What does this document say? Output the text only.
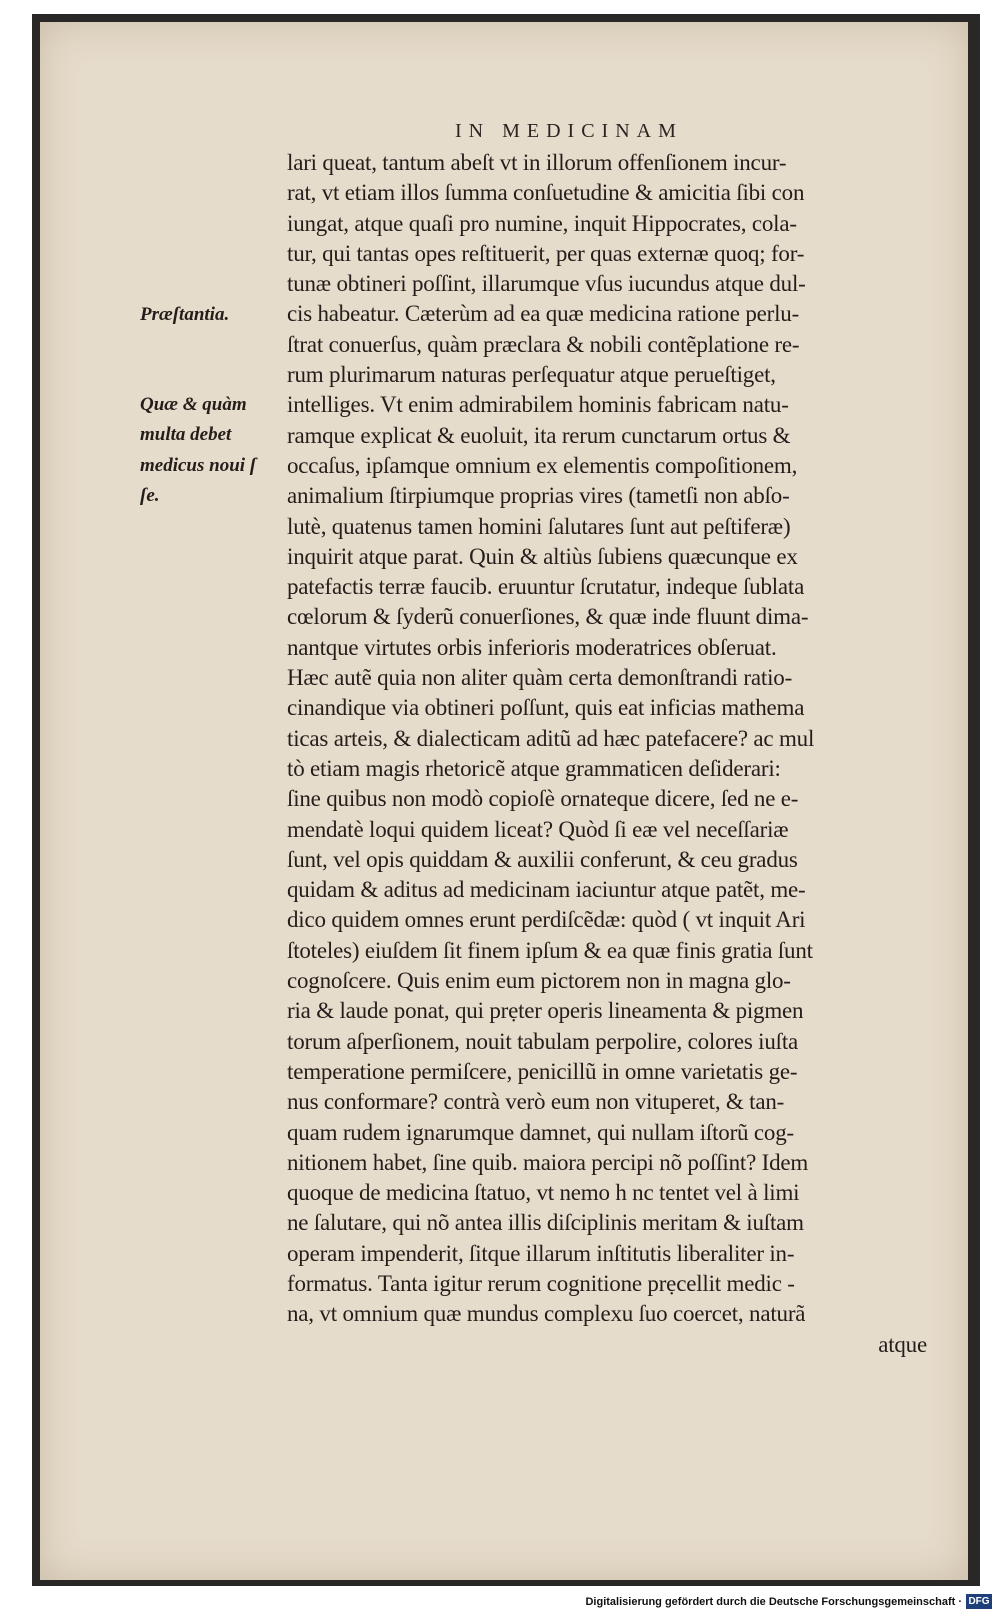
IN MEDICINAM

Præſtantia.

Quæ & quàm
multa debet
medicus noui ſ
ſe.
lari queat, tantum abeſt vt in illorum offenſionem incur-
rat, vt etiam illos ſumma conſuetudine & amicitia ſibi con
iungat, atque quaſi pro numine, inquit Hippocrates, cola-
tur, qui tantas opes reſtituerit, per quas externæ quoq; for-
tunæ obtineri poſſint, illarumque vſus iucundus atque dul-
cis habeatur. Cæterùm ad ea quæ medicina ratione perlu-
ſtrat conuerſus, quàm præclara & nobili contẽplatione re-
rum plurimarum naturas perſequatur atque perueſtiget,
intelliges. Vt enim admirabilem hominis fabricam natu-
ramque explicat & euoluit, ita rerum cunctarum ortus &
occaſus, ipſamque omnium ex elementis compoſitionem,
animalium ſtirpiumque proprias vires (tametſi non abſo-
lutè, quatenus tamen homini ſalutares ſunt aut peſtiferæ)
inquirit atque parat. Quin & altiùs ſubiens quæcunque ex
patefactis terræ faucib. eruuntur ſcrutatur, indeque ſublata
cœlorum & ſyderũ conuerſiones, & quæ inde fluunt dima-
nantque virtutes orbis inferioris moderatrices obſeruat.
Hæc autẽ quia non aliter quàm certa demonſtrandi ratio-
cinandique via obtineri poſſunt, quis eat inficias mathema
ticas arteis, & dialecticam aditũ ad hæc patefacere? ac mul
tò etiam magis rhetoricẽ atque grammaticen deſiderari:
ſine quibus non modò copioſè ornateque dicere, ſed ne e-
mendatè loqui quidem liceat? Quòd ſi eæ vel neceſſariæ
ſunt, vel opis quiddam & auxilii conferunt, & ceu gradus
quidam & aditus ad medicinam iaciuntur atque patẽt, me-
dico quidem omnes erunt perdiſcẽdæ: quòd ( vt inquit Ari
ſtoteles) eiuſdem ſit finem ipſum & ea quæ finis gratia ſunt
cognoſcere. Quis enim eum pictorem non in magna glo-
ria & laude ponat, qui prẹter operis lineamenta & pigmen
torum aſperſionem, nouit tabulam perpolire, colores iuſta
temperatione permiſcere, penicillũ in omne varietatis ge-
nus conformare? contrà verò eum non vituperet, & tan-
quam rudem ignarumque damnet, qui nullam iſtorũ cog-
nitionem habet, ſine quib. maiora percipi nõ poſſint? Idem
quoque de medicina ſtatuo, vt nemo h nc tentet vel à limi
ne ſalutare, qui nõ antea illis diſciplinis meritam & iuſtam
operam impenderit, ſitque illarum inſtitutis liberaliter in-
formatus. Tanta igitur rerum cognitione prẹcellit medic -
na, vt omnium quæ mundus complexu ſuo coercet, naturã
atque
Digitalisierung gefördert durch die Deutsche Forschungsgemeinschaft · DFG
